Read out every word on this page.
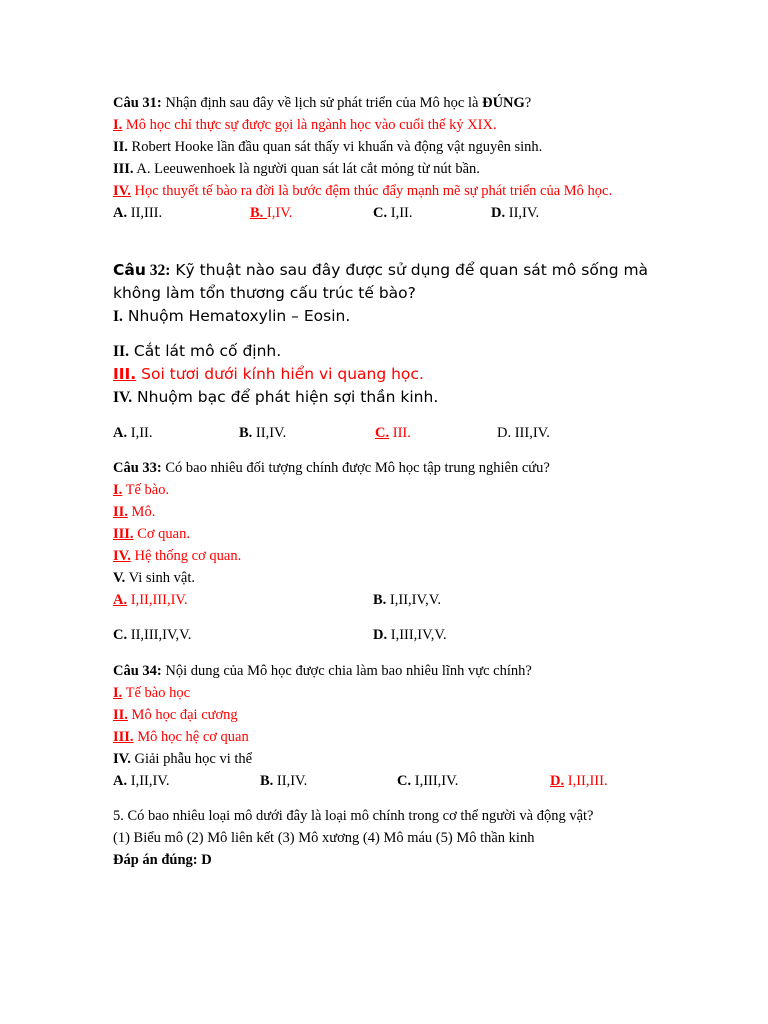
Câu 31: Nhận định sau đây về lịch sử phát triển của Mô học là ĐÚNG?
I. Mô học chỉ thực sự được gọi là ngành học vào cuối thế kỷ XIX.
II. Robert Hooke lần đầu quan sát thấy vi khuẩn và động vật nguyên sinh.
III. A. Leeuwenhoek là người quan sát lát cắt mỏng từ nút bần.
IV. Học thuyết tế bào ra đời là bước đệm thúc đẩy mạnh mẽ sự phát triển của Mô học.
A. II,III.	B. I,IV.	C. I,II.	D. II,IV.
Câu 32: Kỹ thuật nào sau đây được sử dụng để quan sát mô sống mà không làm tổn thương cấu trúc tế bào?
I. Nhuộm Hematoxylin – Eosin.
II. Cắt lát mô cố định.
III. Soi tươi dưới kính hiển vi quang học.
IV. Nhuộm bạc để phát hiện sợi thần kinh.
A. I,II.	B. II,IV.	C. III.	D. III,IV.
Câu 33: Có bao nhiêu đối tượng chính được Mô học tập trung nghiên cứu?
I. Tế bào.
II. Mô.
III. Cơ quan.
IV. Hệ thống cơ quan.
V. Vi sinh vật.
A. I,II,III,IV.	B. I,II,IV,V.
C. II,III,IV,V.	D. I,III,IV,V.
Câu 34: Nội dung của Mô học được chia làm bao nhiêu lĩnh vực chính?
I. Tế bào học
II. Mô học đại cương
III. Mô học hệ cơ quan
IV. Giải phẫu học vi thể
A. I,II,IV.	B. II,IV.	C. I,III,IV.	D. I,II,III.
5. Có bao nhiêu loại mô dưới đây là loại mô chính trong cơ thể người và động vật?
(1) Biểu mô (2) Mô liên kết (3) Mô xương (4) Mô máu (5) Mô thần kinh
Đáp án đúng: D
